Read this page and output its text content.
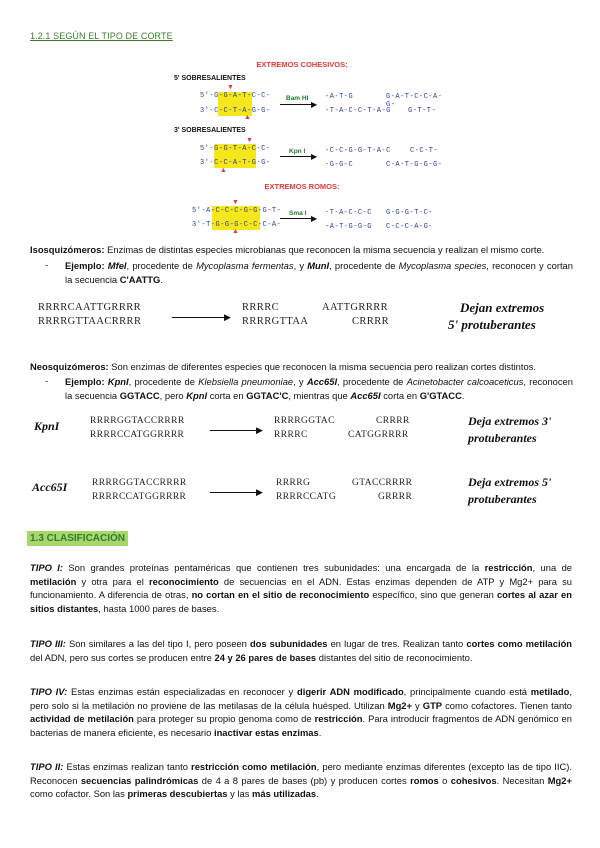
1.2.1 SEGÚN EL TIPO DE CORTE
EXTREMOS COHESIVOS:
5' SOBRESALIENTES
5'-G-G-A-T-C-C-
3'-C-C-T-A-G-G-
▼
▲
Bam HI
▶
-A-T-G
-T-A-C-C-T-A-G
G-A-T-C-C-A-G-
G-T-T-
3' SOBRESALIENTES
5'-G-G-T-A-C-C-
3'-C-C-A-T-G-G-
▼
▲
Kpn I
▶
-C-C-G-G-T-A-C
-G-G-C
C-C-T-
C-A-T-G-G-G-
EXTREMOS ROMOS:
5'-A-C-C-C-G-G-G-T-
3'-T-G-G-G-C-C-C-A-
▼
▲
Sma I
▶
-T-A-C-C-C
-A-T-G-G-G
G-G-G-T-C-
C-C-C-A-G-
Isosquizómeros: Enzimas de distintas especies microbianas que reconocen la misma secuencia y realizan el mismo corte.
- Ejemplo: MfeI, procedente de Mycoplasma fermentas, y MunI, procedente de Mycoplasma species, reconocen y cortan la secuencia C'AATTG.
RRRRCAATTGRRRR
RRRRGTTAACRRRR	▶
RRRRC	AATTGRRRR
RRRRGTTAA	CRRRR
Dejan extremos
5' protuberantes
Neosquizómeros: Son enzimas de diferentes especies que reconocen la misma secuencia pero realizan cortes distintos.
- Ejemplo: KpnI, procedente de Klebsiella pneumoniae, y Acc65I, procedente de Acinetobacter calcoaceticus, reconocen la secuencia GGTACC, pero KpnI corta en GGTAC'C, mientras que Acc65I corta en G'GTACC.
KpnI	RRRRGGTACCRRRR
RRRRCCATGGRRRR	▶
RRRRGGTAC	CRRRR
RRRRC	CATGGRRRR
Deja extremos 3'
protuberantes
Acc65I	RRRRGGTACCRRRR
RRRRCCATGGRRRR	▶
RRRRG	GTACCRRRR
RRRRCCATG	GRRRR
Deja extremos 5'
protuberantes
1.3 CLASIFICACIÓN
TIPO I: Son grandes proteínas pentaméricas que contienen tres subunidades: una encargada de la restricción, una de metilación y otra para el reconocimiento de secuencias en el ADN. Estas enzimas dependen de ATP y Mg2+ para su funcionamiento. A diferencia de otras, no cortan en el sitio de reconocimiento específico, sino que generan cortes al azar en sitios distantes, hasta 1000 pares de bases.
TIPO III: Son similares a las del tipo I, pero poseen dos subunidades en lugar de tres. Realizan tanto cortes como metilación del ADN, pero sus cortes se producen entre 24 y 26 pares de bases distantes del sitio de reconocimiento.
TIPO IV: Estas enzimas están especializadas en reconocer y digerir ADN modificado, principalmente cuando está metilado, pero solo si la metilación no proviene de las metilasas de la célula huésped. Utilizan Mg2+ y GTP como cofactores. Tienen tanto actividad de metilación para proteger su propio genoma como de restricción. Para introducir fragmentos de ADN genómico en bacterias de manera eficiente, es necesario inactivar estas enzimas.
TIPO II: Estas enzimas realizan tanto restricción como metilación, pero mediante enzimas diferentes (excepto las de tipo IIC). Reconocen secuencias palindrómicas de 4 a 8 pares de bases (pb) y producen cortes romos o cohesivos. Necesitan Mg2+ como cofactor. Son las primeras descubiertas y las más utilizadas.
